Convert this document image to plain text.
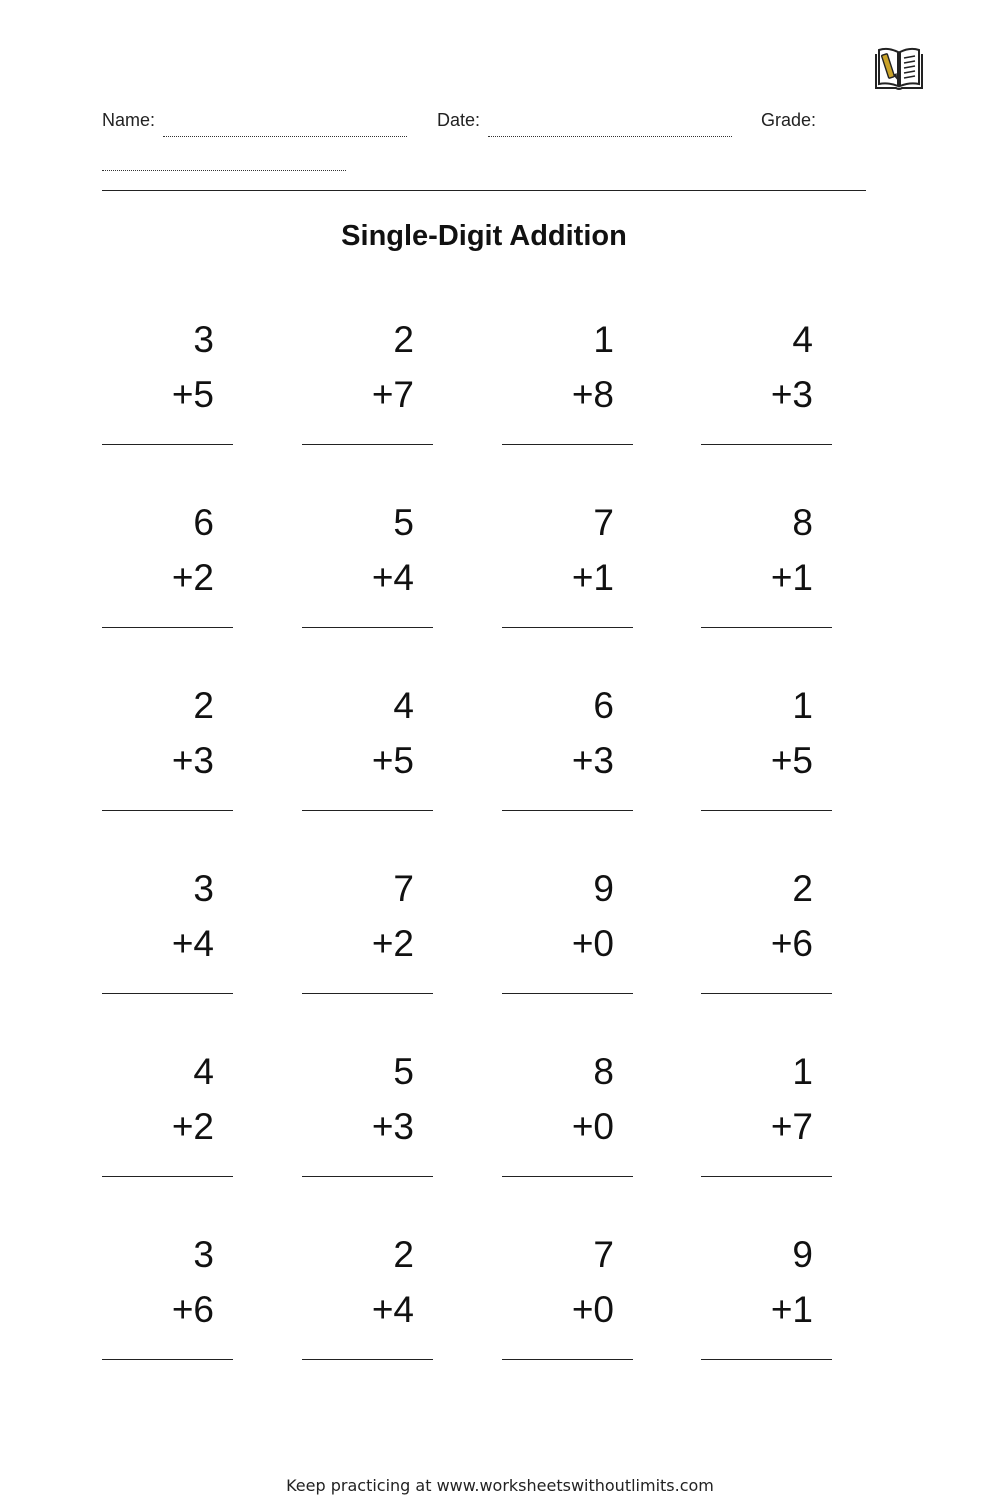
Name:	Date:	Grade:
Single-Digit Addition
3
+5
2
+7
1
+8
4
+3
6
+2
5
+4
7
+1
8
+1
2
+3
4
+5
6
+3
1
+5
3
+4
7
+2
9
+0
2
+6
4
+2
5
+3
8
+0
1
+7
3
+6
2
+4
7
+0
9
+1
Keep practicing at www.worksheetswithoutlimits.com
